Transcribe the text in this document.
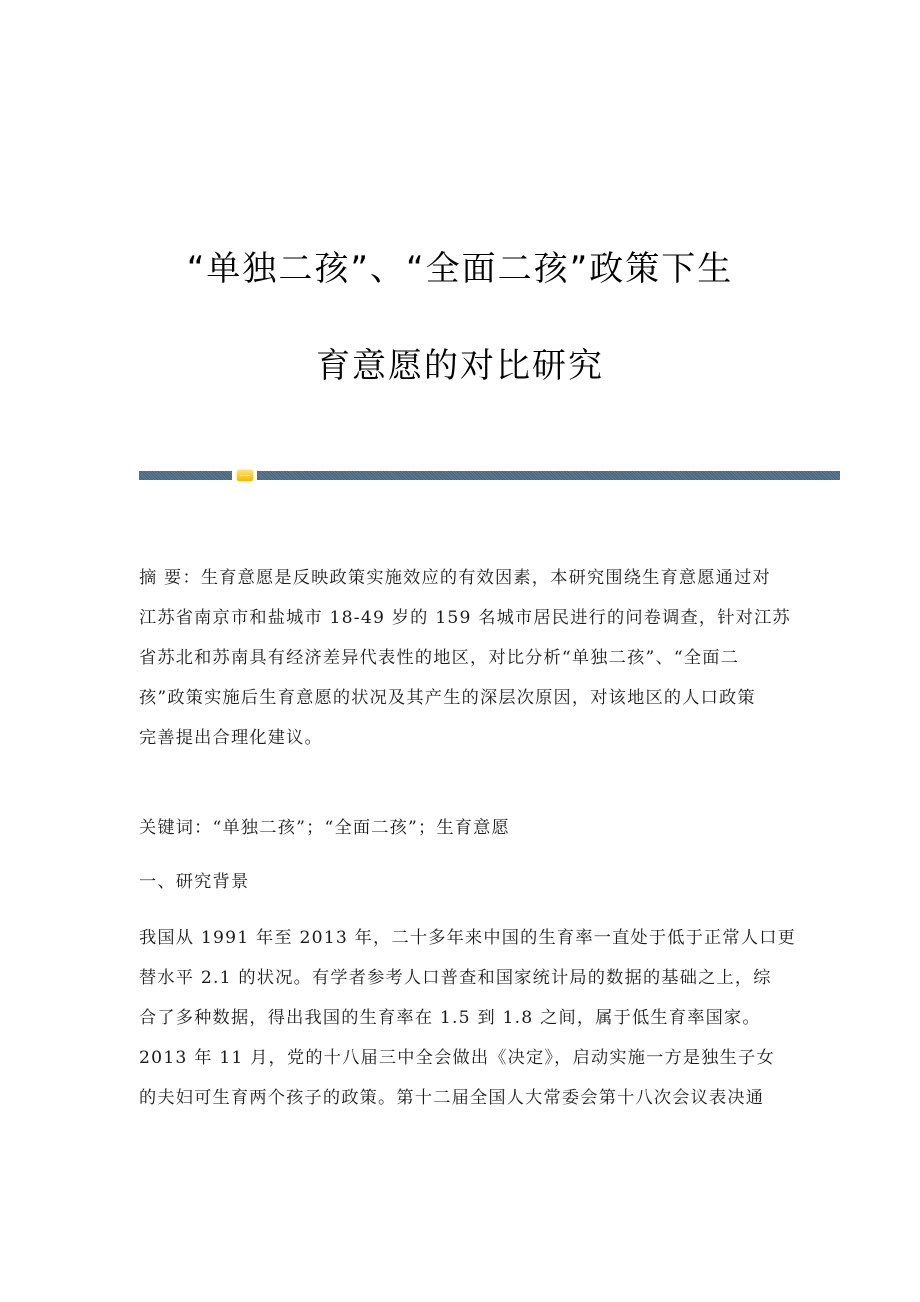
“单独二孩”、“全面二孩”政策下生
育意愿的对比研究

摘 要：生育意愿是反映政策实施效应的有效因素，本研究围绕生育意愿通过对

江苏省南京市和盐城市 18-49 岁的 159 名城市居民进行的问卷调查，针对江苏

省苏北和苏南具有经济差异代表性的地区，对比分析“单独二孩”、“全面二

孩”政策实施后生育意愿的状况及其产生的深层次原因，对该地区的人口政策

完善提出合理化建议。

关键词：“单独二孩”；“全面二孩”；生育意愿

一、研究背景

我国从 1991 年至 2013 年，二十多年来中国的生育率一直处于低于正常人口更

替水平 2.1 的状况。有学者参考人口普查和国家统计局的数据的基础之上，综

合了多种数据，得出我国的生育率在 1.5 到 1.8 之间，属于低生育率国家。

2013 年 11 月，党的十八届三中全会做出《决定》，启动实施一方是独生子女

的夫妇可生育两个孩子的政策。第十二届全国人大常委会第十八次会议表决通
